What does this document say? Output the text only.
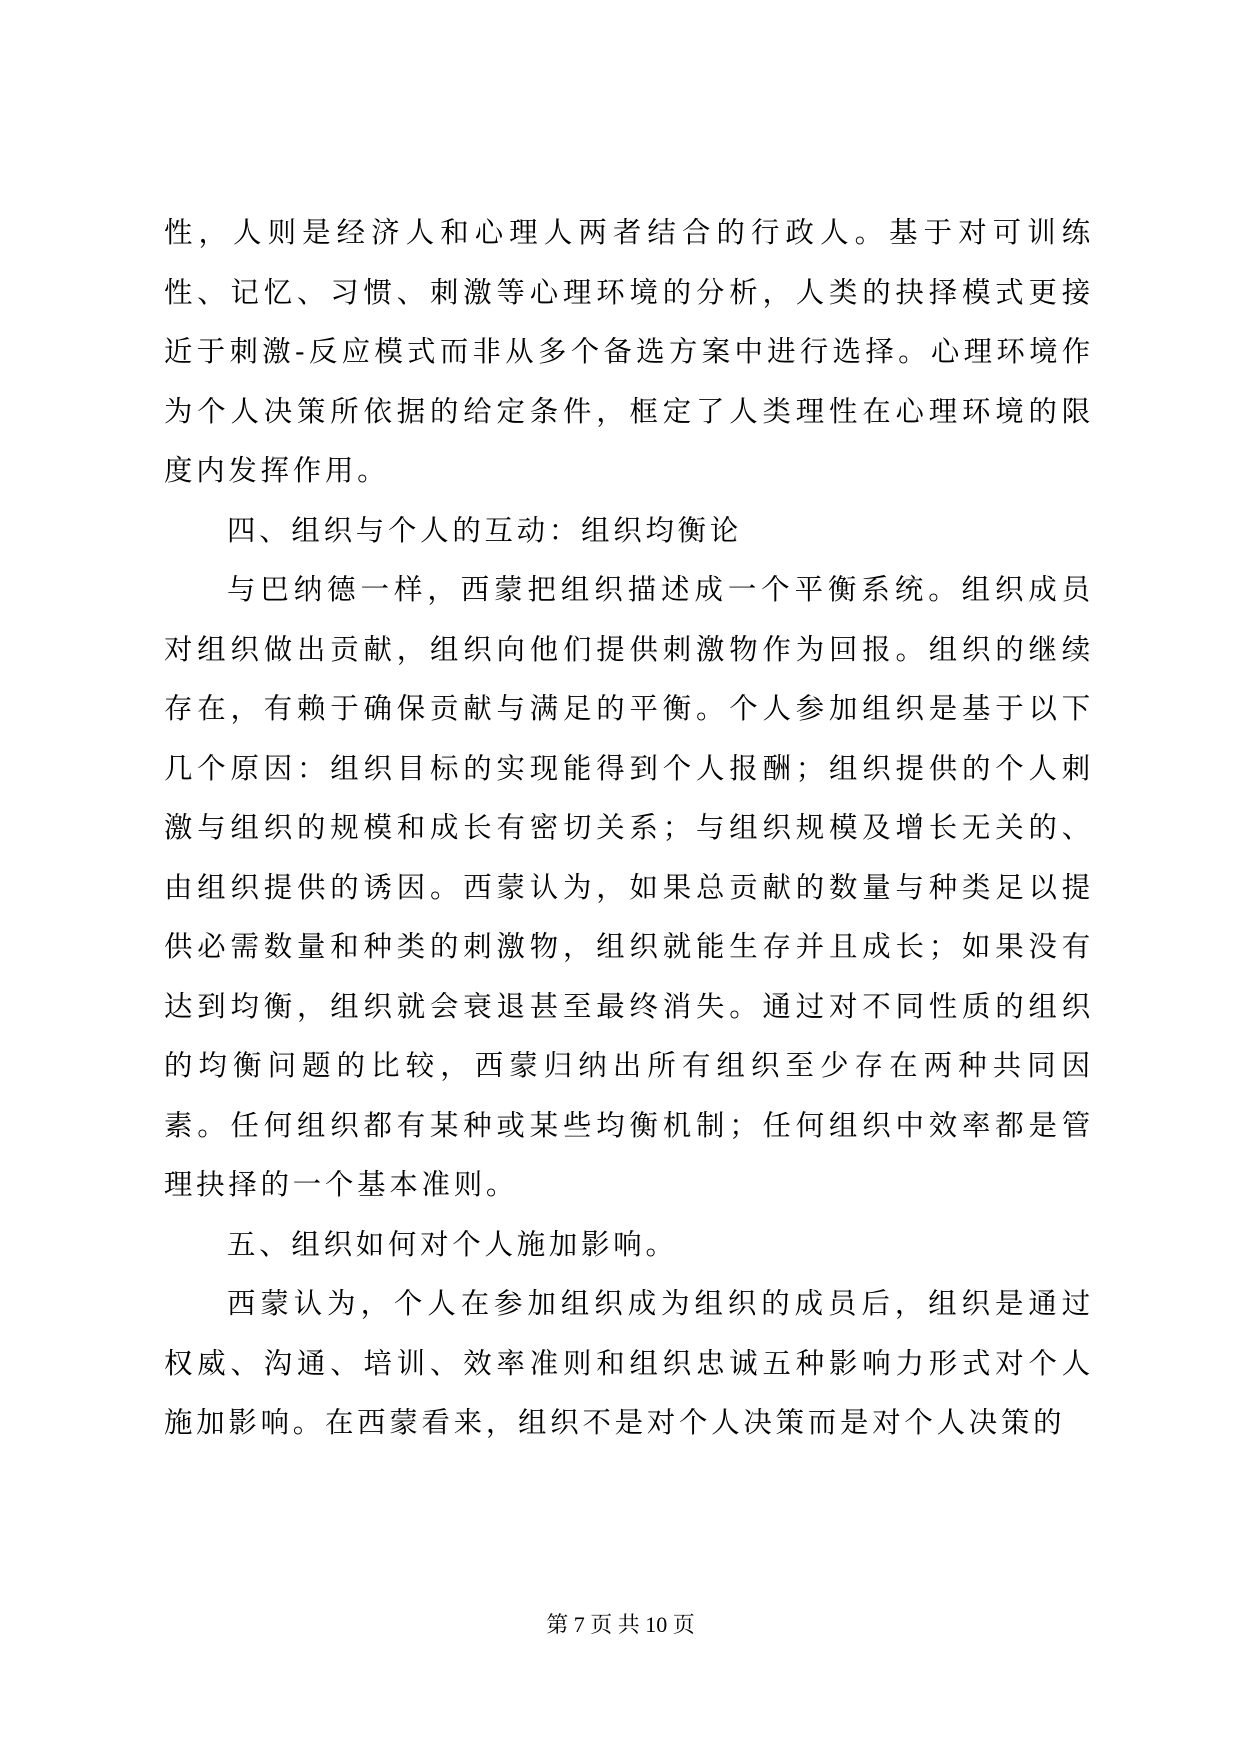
性，人则是经济人和心理人两者结合的行政人。基于对可训练性、记忆、习惯、刺激等心理环境的分析，人类的抉择模式更接近于刺激-反应模式而非从多个备选方案中进行选择。心理环境作为个人决策所依据的给定条件，框定了人类理性在心理环境的限度内发挥作用。

四、组织与个人的互动：组织均衡论

与巴纳德一样，西蒙把组织描述成一个平衡系统。组织成员对组织做出贡献，组织向他们提供刺激物作为回报。组织的继续存在，有赖于确保贡献与满足的平衡。个人参加组织是基于以下几个原因：组织目标的实现能得到个人报酬；组织提供的个人刺激与组织的规模和成长有密切关系；与组织规模及增长无关的、由组织提供的诱因。西蒙认为，如果总贡献的数量与种类足以提供必需数量和种类的刺激物，组织就能生存并且成长；如果没有达到均衡，组织就会衰退甚至最终消失。通过对不同性质的组织的均衡问题的比较，西蒙归纳出所有组织至少存在两种共同因素。任何组织都有某种或某些均衡机制；任何组织中效率都是管理抉择的一个基本准则。

五、组织如何对个人施加影响。

西蒙认为，个人在参加组织成为组织的成员后，组织是通过权威、沟通、培训、效率准则和组织忠诚五种影响力形式对个人施加影响。在西蒙看来，组织不是对个人决策而是对个人决策的

第 7 页 共 10 页
